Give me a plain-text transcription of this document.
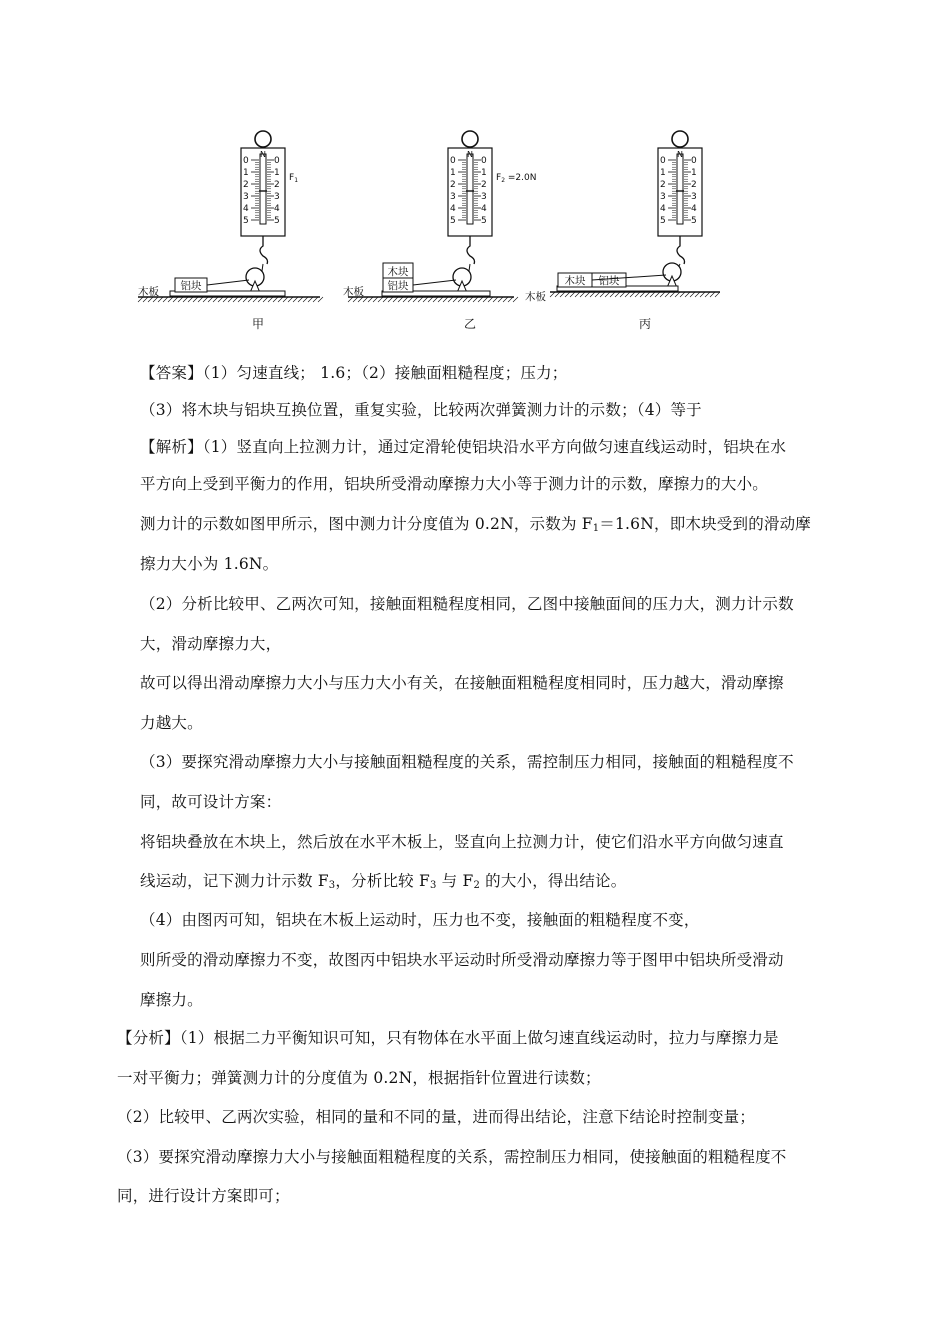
N
0	0
1	1
2	2
3	3
4	4
5	5
$F_1$
铝块
木板
甲
N
0	0
1	1
2	2
3	3
4	4
5	5
$F_2 =2.0N$
铝块
木块
木板
乙
N
0	0
1	1
2	2
3	3
4	4
5	5
木块 铝块
木板
丙
【答案】（1）匀速直线； 1.6；（2）接触面粗糙程度；压力；
（3）将木块与铝块互换位置，重复实验，比较两次弹簧测力计的示数；（4）等于
【解析】（1）竖直向上拉测力计，通过定滑轮使铝块沿水平方向做匀速直线运动时，铝块在水
平方向上受到平衡力的作用，铝块所受滑动摩擦力大小等于测力计的示数，摩擦力的大小。
测力计的示数如图甲所示，图中测力计分度值为 0.2N，示数为 $F_1=1.6N$，即木块受到的滑动摩
擦力大小为 1.6N。
（2）分析比较甲、乙两次可知，接触面粗糙程度相同，乙图中接触面间的压力大，测力计示数
大，滑动摩擦力大，
故可以得出滑动摩擦力大小与压力大小有关，在接触面粗糙程度相同时，压力越大，滑动摩擦
力越大。
（3）要探究滑动摩擦力大小与接触面粗糙程度的关系，需控制压力相同，接触面的粗糙程度不
同，故可设计方案：
将铝块叠放在木块上，然后放在水平木板上，竖直向上拉测力计，使它们沿水平方向做匀速直
线运动，记下测力计示数 $F_3$，分析比较 $F_3$ 与 $F_2$ 的大小，得出结论。
（4）由图丙可知，铝块在木板上运动时，压力也不变，接触面的粗糙程度不变，
则所受的滑动摩擦力不变，故图丙中铝块水平运动时所受滑动摩擦力等于图甲中铝块所受滑动
摩擦力。
【分析】（1）根据二力平衡知识可知，只有物体在水平面上做匀速直线运动时，拉力与摩擦力是
一对平衡力；弹簧测力计的分度值为 0.2N，根据指针位置进行读数；
（2）比较甲、乙两次实验，相同的量和不同的量，进而得出结论，注意下结论时控制变量；
（3）要探究滑动摩擦力大小与接触面粗糙程度的关系，需控制压力相同，使接触面的粗糙程度不
同，进行设计方案即可；
